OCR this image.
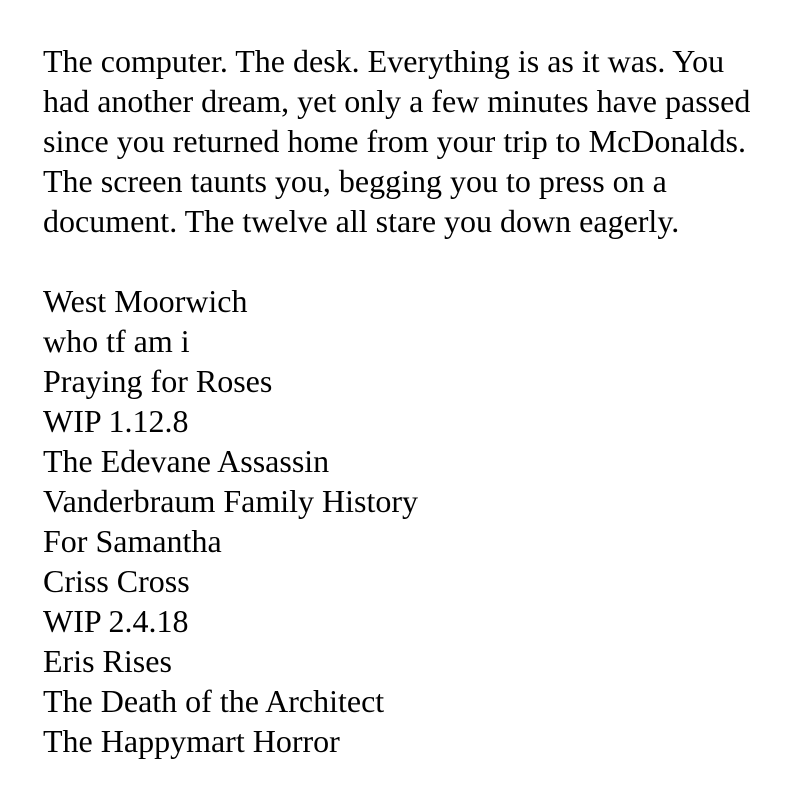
The computer. The desk. Everything is as it was. You had another dream, yet only a few minutes have passed since you returned home from your trip to McDonalds. The screen taunts you, begging you to press on a document. The twelve all stare you down eagerly.

West Moorwich
who tf am i
Praying for Roses
WIP 1.12.8
The Edevane Assassin
Vanderbraum Family History
For Samantha
Criss Cross
WIP 2.4.18
Eris Rises
The Death of the Architect
The Happymart Horror
